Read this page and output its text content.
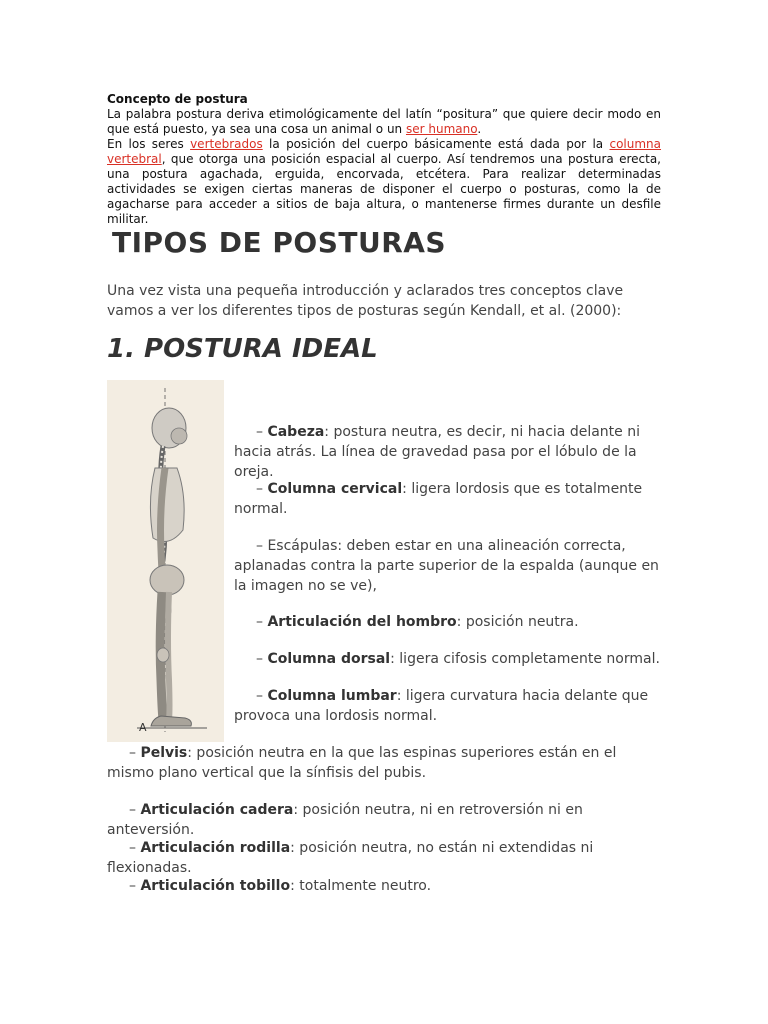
Concepto de postura
La palabra postura deriva etimológicamente del latín “positura” que quiere decir modo en que está puesto, ya sea una cosa un animal o un ser humano.
En los seres vertebrados la posición del cuerpo básicamente está dada por la columna vertebral, que otorga una posición espacial al cuerpo. Así tendremos una postura erecta, una postura agachada, erguida, encorvada, etcétera. Para realizar determinadas actividades se exigen ciertas maneras de disponer el cuerpo o posturas, como la de agacharse para acceder a sitios de baja altura, o mantenerse firmes durante un desfile militar.
TIPOS DE POSTURAS
Una vez vista una pequeña introducción y aclarados tres conceptos clave vamos a ver los diferentes tipos de posturas según Kendall, et al. (2000):
1. POSTURA IDEAL
A
– Cabeza: postura neutra, es decir, ni hacia delante ni hacia atrás. La línea de gravedad pasa por el lóbulo de la oreja.
– Columna cervical: ligera lordosis que es totalmente normal.
– Escápulas: deben estar en una alineación correcta, aplanadas contra la parte superior de la espalda (aunque en la imagen no se ve),
– Articulación del hombro: posición neutra.
– Columna dorsal: ligera cifosis completamente normal.
– Columna lumbar: ligera curvatura hacia delante que provoca una lordosis normal.
– Pelvis: posición neutra en la que las espinas superiores están en el mismo plano vertical que la sínfisis del pubis.
– Articulación cadera: posición neutra, ni en retroversión ni en anteversión.
– Articulación rodilla: posición neutra, no están ni extendidas ni flexionadas.
– Articulación tobillo: totalmente neutro.
